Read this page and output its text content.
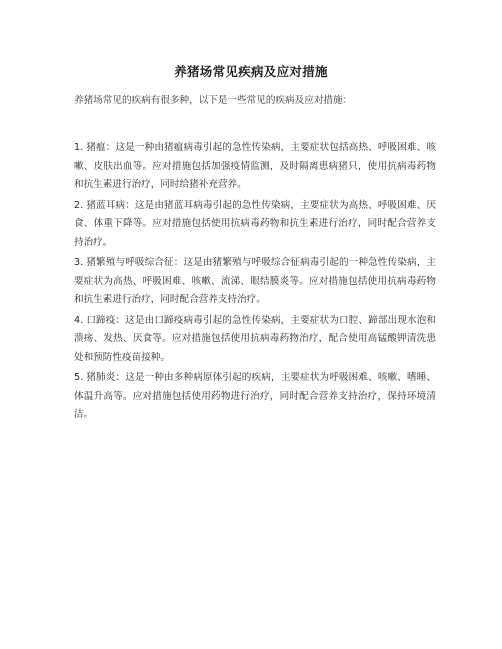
养猪场常见疾病及应对措施
养猪场常见的疾病有很多种，以下是一些常见的疾病及应对措施：

1. 猪瘟：这是一种由猪瘟病毒引起的急性传染病，主要症状包括高热、呼吸困难、咳嗽、皮肤出血等。应对措施包括加强疫情监测，及时隔离患病猪只，使用抗病毒药物和抗生素进行治疗，同时给猪补充营养。

2. 猪蓝耳病：这是由猪蓝耳病毒引起的急性传染病，主要症状为高热、呼吸困难、厌食、体重下降等。应对措施包括使用抗病毒药物和抗生素进行治疗，同时配合营养支持治疗。

3. 猪繁殖与呼吸综合征：这是由猪繁殖与呼吸综合征病毒引起的一种急性传染病，主要症状为高热、呼吸困难、咳嗽、流涕、眼结膜炎等。应对措施包括使用抗病毒药物和抗生素进行治疗，同时配合营养支持治疗。

4. 口蹄疫：这是由口蹄疫病毒引起的急性传染病，主要症状为口腔、蹄部出现水泡和溃疡、发热、厌食等。应对措施包括使用抗病毒药物治疗，配合使用高锰酸钾清洗患处和预防性疫苗接种。

5. 猪肺炎：这是一种由多种病原体引起的疾病，主要症状为呼吸困难、咳嗽、嗜睡、体温升高等。应对措施包括使用药物进行治疗，同时配合营养支持治疗，保持环境清洁。
